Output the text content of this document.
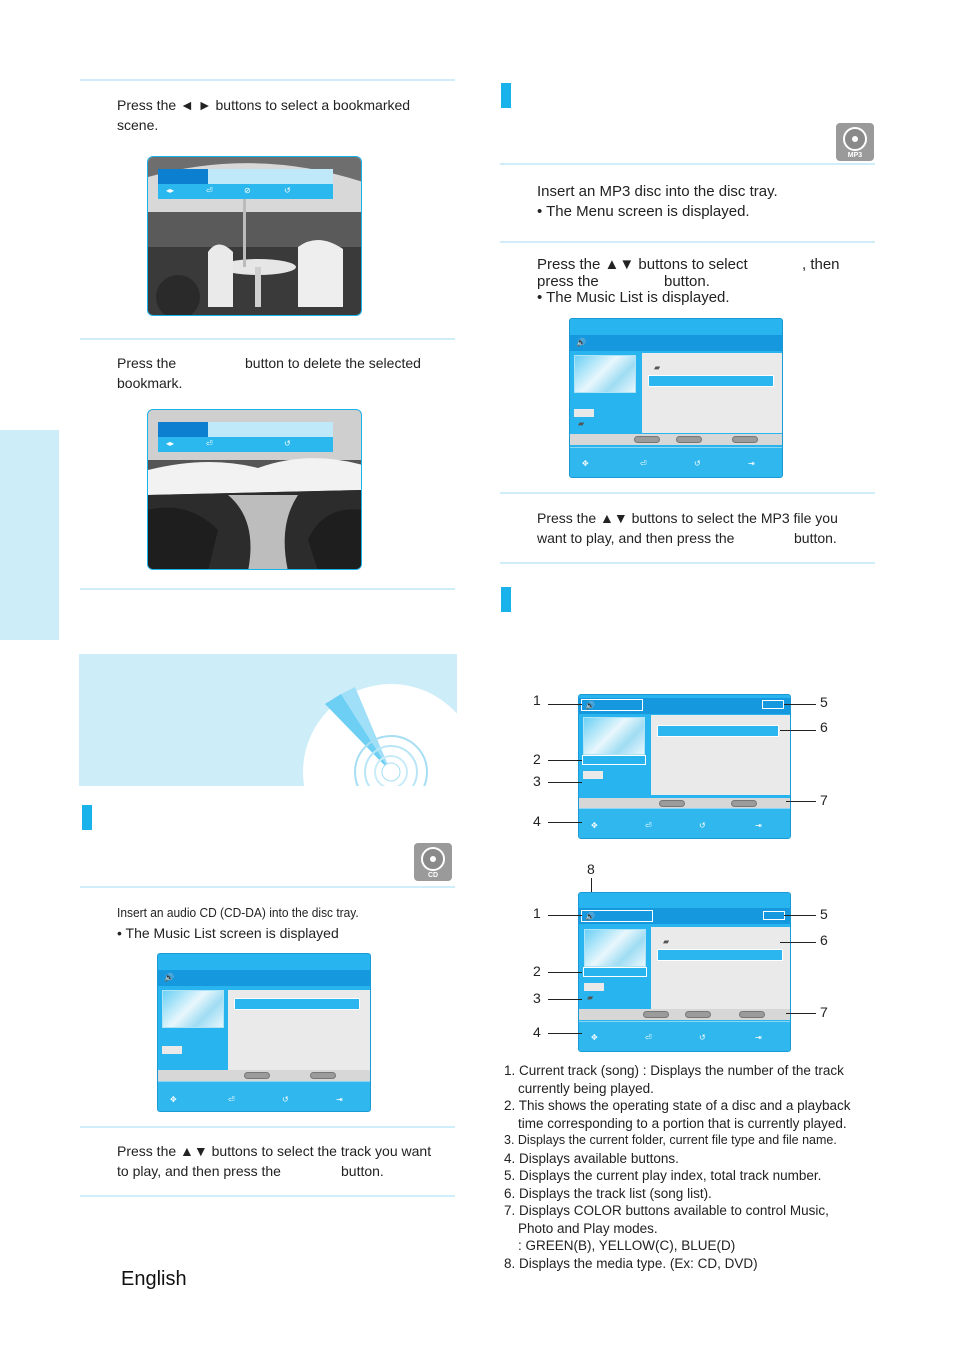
Press the ◄ ► buttons to select a bookmarked scene.
◂▸	⏎	⊘	↺
Press the	button to delete the selected bookmark.
◂▸	⏎	↺
CD
Insert an audio CD (CD-DA) into the disc tray.
• The Music List screen is displayed
🔊
✥	⏎	↺	⇥
Press the ▲▼ buttons to select the track you want to play, and then press the	button.
English
MP3
Insert an MP3 disc into the disc tray.
• The Menu screen is displayed.
Press the ▲▼ buttons to select	, then
press the	button.
• The Music List is displayed.
🔊
▰
▰
✥	⏎	↺	⇥
Press the ▲▼ buttons to select the MP3 file you
want to play, and then press the	button.
🔊
✥	⏎	↺	⇥
1
2
3
4
5
6
7
8
🔊
▰
▰
✥	⏎	↺	⇥
1
2
3
4
5
6
7
1. Current track (song) : Displays the number of the track
currently being played.
2. This shows the operating state of a disc and a playback
time corresponding to a portion that is currently played.
3. Displays the current folder, current file type and file name.
4. Displays available buttons.
5. Displays the current play index, total track number.
6. Displays the track list (song list).
7. Displays COLOR buttons available to control Music,
Photo and Play modes.
: GREEN(B), YELLOW(C), BLUE(D)
8. Displays the media type. (Ex: CD, DVD)
